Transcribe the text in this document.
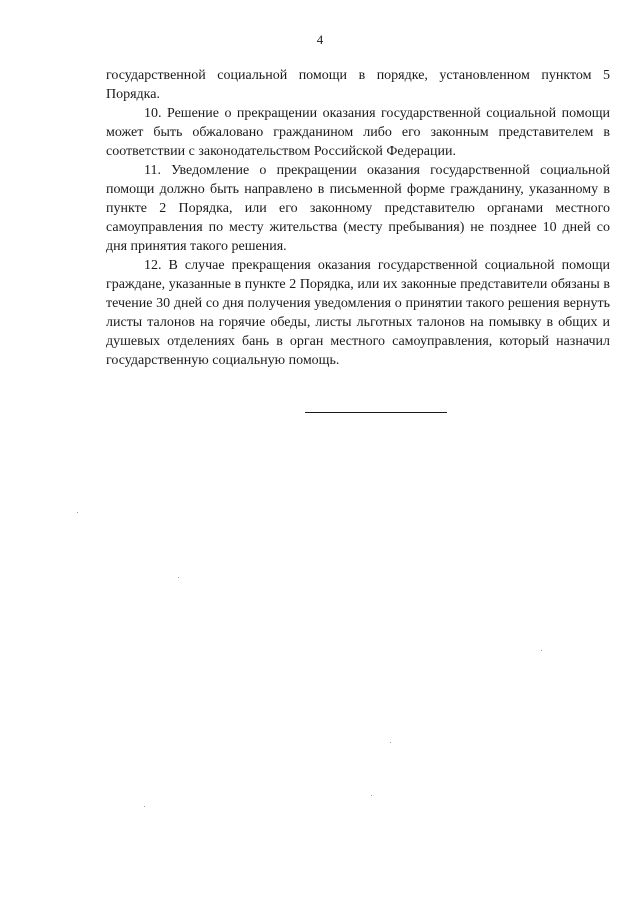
4

государственной социальной помощи в порядке, установленном пунктом 5 Порядка.

10. Решение о прекращении оказания государственной социальной помощи может быть обжаловано гражданином либо его законным представителем в соответствии с законодательством Российской Федерации.

11. Уведомление о прекращении оказания государственной социальной помощи должно быть направлено в письменной форме гражданину, указанному в пункте 2 Порядка, или его законному представителю органами местного самоуправления по месту жительства (месту пребывания) не позднее 10 дней со дня принятия такого решения.

12. В случае прекращения оказания государственной социальной помощи граждане, указанные в пункте 2 Порядка, или их законные представители обязаны в течение 30 дней со дня получения уведомления о принятии такого решения вернуть листы талонов на горячие обеды, листы льготных талонов на помывку в общих и душевых отделениях бань в орган местного самоуправления, который назначил государственную социальную помощь.
